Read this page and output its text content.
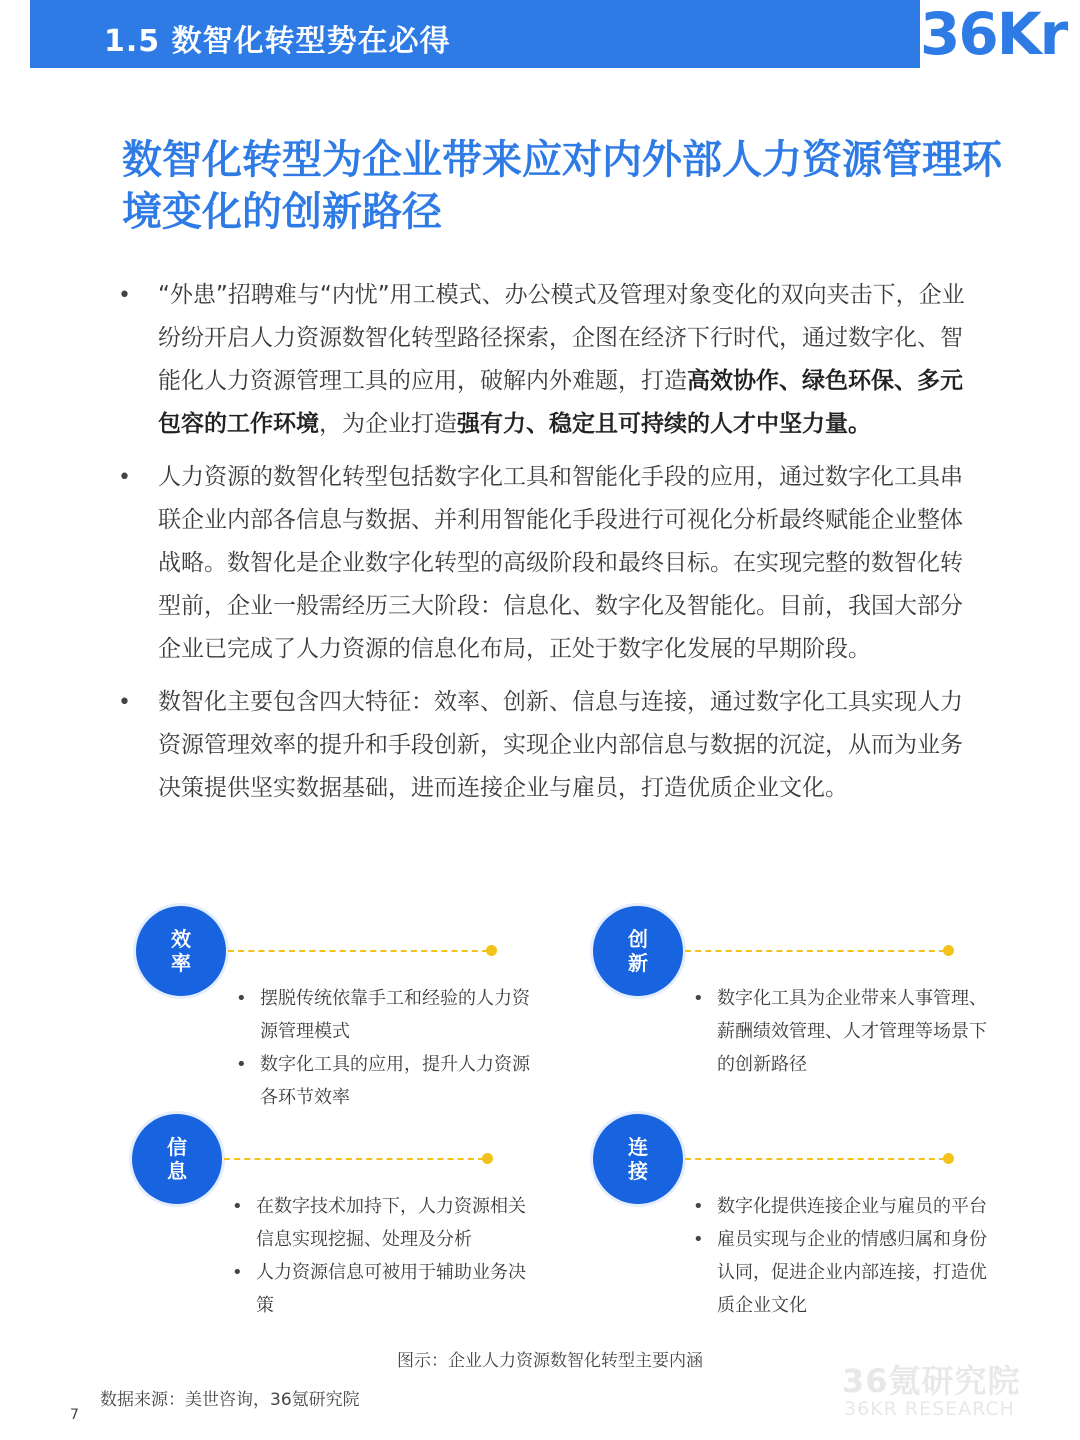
1.5 数智化转型势在必得	36Kr
数智化转型为企业带来应对内外部人力资源管理环境变化的创新路径
• “外患”招聘难与“内忧”用工模式、办公模式及管理对象变化的双向夹击下，企业纷纷开启人力资源数智化转型路径探索，企图在经济下行时代，通过数字化、智能化人力资源管理工具的应用，破解内外难题，打造高效协作、绿色环保、多元包容的工作环境，为企业打造强有力、稳定且可持续的人才中坚力量。
• 人力资源的数智化转型包括数字化工具和智能化手段的应用，通过数字化工具串联企业内部各信息与数据、并利用智能化手段进行可视化分析最终赋能企业整体战略。数智化是企业数字化转型的高级阶段和最终目标。在实现完整的数智化转型前，企业一般需经历三大阶段：信息化、数字化及智能化。目前，我国大部分企业已完成了人力资源的信息化布局，正处于数字化发展的早期阶段。
• 数智化主要包含四大特征：效率、创新、信息与连接，通过数字化工具实现人力资源管理效率的提升和手段创新，实现企业内部信息与数据的沉淀，从而为业务决策提供坚实数据基础，进而连接企业与雇员，打造优质企业文化。
效
率
• 摆脱传统依靠手工和经验的人力资源管理模式
• 数字化工具的应用，提升人力资源各环节效率
创
新
• 数字化工具为企业带来人事管理、薪酬绩效管理、人才管理等场景下的创新路径
信
息
• 在数字技术加持下，人力资源相关信息实现挖掘、处理及分析
• 人力资源信息可被用于辅助业务决策
连
接
• 数字化提供连接企业与雇员的平台
• 雇员实现与企业的情感归属和身份认同，促进企业内部连接，打造优质企业文化
图示：企业人力资源数智化转型主要内涵
数据来源：美世咨询，36氪研究院
7
36氪研究院
36KR RESEARCH
